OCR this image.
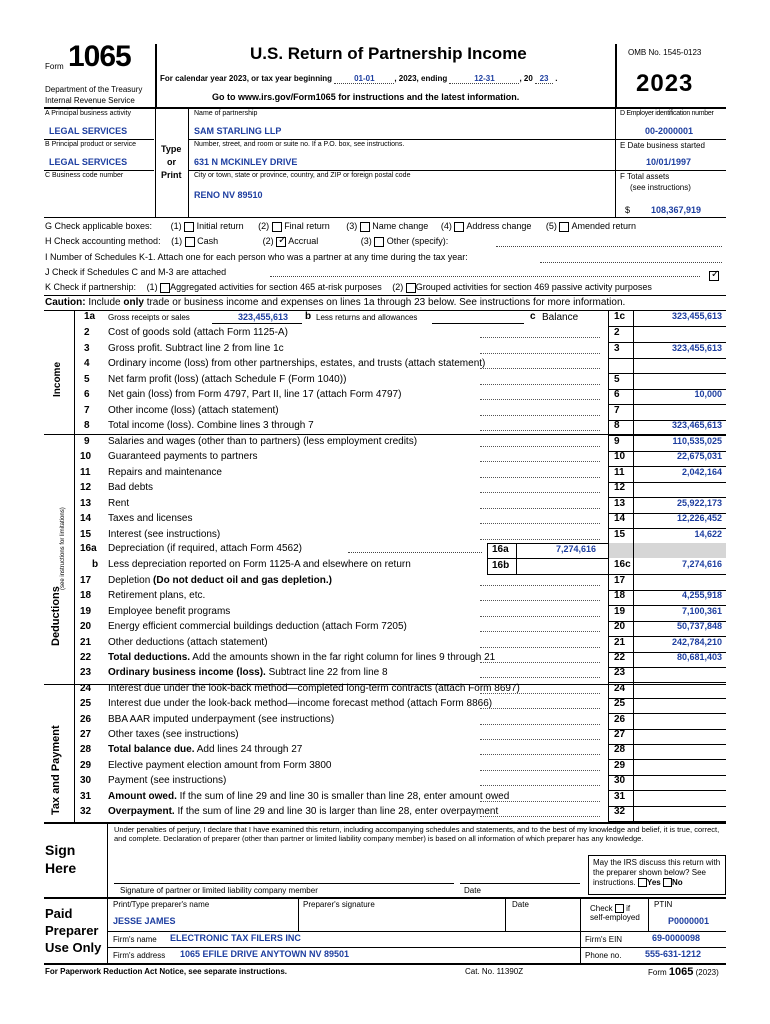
Form 1065
Department of the Treasury
Internal Revenue Service
U.S. Return of Partnership Income
For calendar year 2023, or tax year beginning	01-01 , 2023, ending	12-31	, 20 23 .
Go to www.irs.gov/Form1065 for instructions and the latest information.
OMB No. 1545-0123
2023
A Principal business activity
LEGAL SERVICES
B Principal product or service
LEGAL SERVICES
C Business code number
Type
or
Print
Name of partnership
SAM STARLING LLP
Number, street, and room or suite no. If a P.O. box, see instructions.
631 N MCKINLEY DRIVE
City or town, state or province, country, and ZIP or foreign postal code
RENO NV 89510
D Employer identification number
00-2000001
E Date business started
10/01/1997
F Total assets
(see instructions)
$ 108,367,919
G Check applicable boxes: (1) Initial return (2) Final return (3) Name change (4) Address change (5) Amended return
H Check accounting method: (1) Cash	(2) ✓ Accrual	(3) Other (specify):
I Number of Schedules K-1. Attach one for each person who was a partner at any time during the tax year:
J Check if Schedules C and M-3 are attached
✓
K Check if partnership: (1) Aggregated activities for section 465 at-risk purposes (2) Grouped activities for section 469 passive activity purposes
Caution: Include only trade or business income and expenses on lines 1a through 23 below. See instructions for more information.
Income
Deductions
(see instructions for limitations)
Tax and Payment
1a Gross receipts or sales	323,455,613 b Less returns and allowances	c Balance	1c	323,455,613
2 Cost of goods sold (attach Form 1125-A)	2
3 Gross profit. Subtract line 2 from line 1c	3	323,455,613
4 Ordinary income (loss) from other partnerships, estates, and trusts (attach statement)
5 Net farm profit (loss) (attach Schedule F (Form 1040))	5
6 Net gain (loss) from Form 4797, Part II, line 17 (attach Form 4797)	6	10,000
7 Other income (loss) (attach statement)	7
8 Total income (loss). Combine lines 3 through 7	8	323,465,613
9 Salaries and wages (other than to partners) (less employment credits)	9	110,535,025
10 Guaranteed payments to partners	10	22,675,031
11 Repairs and maintenance	11	2,042,164
12 Bad debts	12
13 Rent	13	25,922,173
14 Taxes and licenses	14	12,226,452
15 Interest (see instructions)	15	14,622
16a Depreciation (if required, attach Form 4562)	16a	7,274,616
b Less depreciation reported on Form 1125-A and elsewhere on return	16b	16c	7,274,616
17 Depletion (Do not deduct oil and gas depletion.)	17
18 Retirement plans, etc.	18	4,255,918
19 Employee benefit programs	19	7,100,361
20 Energy efficient commercial buildings deduction (attach Form 7205)	20	50,737,848
21 Other deductions (attach statement)	21	242,784,210
22 Total deductions. Add the amounts shown in the far right column for lines 9 through 21	22	80,681,403
23 Ordinary business income (loss). Subtract line 22 from line 8	23
24 Interest due under the look-back method—completed long-term contracts (attach Form 8697)	24
25 Interest due under the look-back method—income forecast method (attach Form 8866)	25
26 BBA AAR imputed underpayment (see instructions)	26
27 Other taxes (see instructions)	27
28 Total balance due. Add lines 24 through 27	28
29 Elective payment election amount from Form 3800	29
30 Payment (see instructions)	30
31 Amount owed. If the sum of line 29 and line 30 is smaller than line 28, enter amount owed	31
32 Overpayment. If the sum of line 29 and line 30 is larger than line 28, enter overpayment	32
Sign
Here
Under penalties of perjury, I declare that I have examined this return, including accompanying schedules and statements, and to the best of my knowledge and belief, it is true, correct, and complete. Declaration of preparer (other than partner or limited liability company member) is based on all information of which preparer has any knowledge.
Signature of partner or limited liability company member	Date
May the IRS discuss this return with the preparer shown below? See instructions. Yes No
Paid
Preparer
Use Only
Print/Type preparer's name
JESSE JAMES
Preparer's signature	Date	Check if
self-employed
PTIN
P0000001
Firm's name ELECTRONIC TAX FILERS INC	Firm's EIN	69-0000098
Firm's address 1065 EFILE DRIVE ANYTOWN NV 89501	Phone no.	555-631-1212
For Paperwork Reduction Act Notice, see separate instructions.	Cat. No. 11390Z	Form 1065 (2023)
